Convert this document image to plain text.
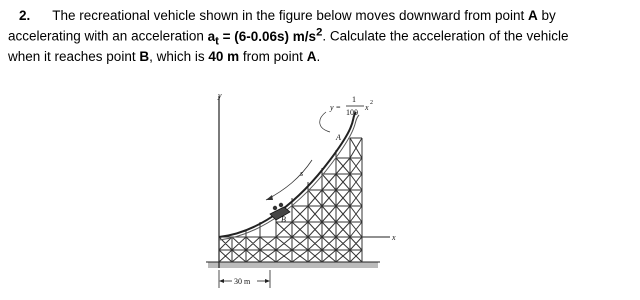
2. The recreational vehicle shown in the figure below moves downward from point A by
accelerating with an acceleration $a_t = (6-0.06s)$ $m/s^2$. Calculate the acceleration of the vehicle
when it reaches point B, which is 40 m from point A.
y
x
s
B
A
y =
1
100
x 2
30 m
